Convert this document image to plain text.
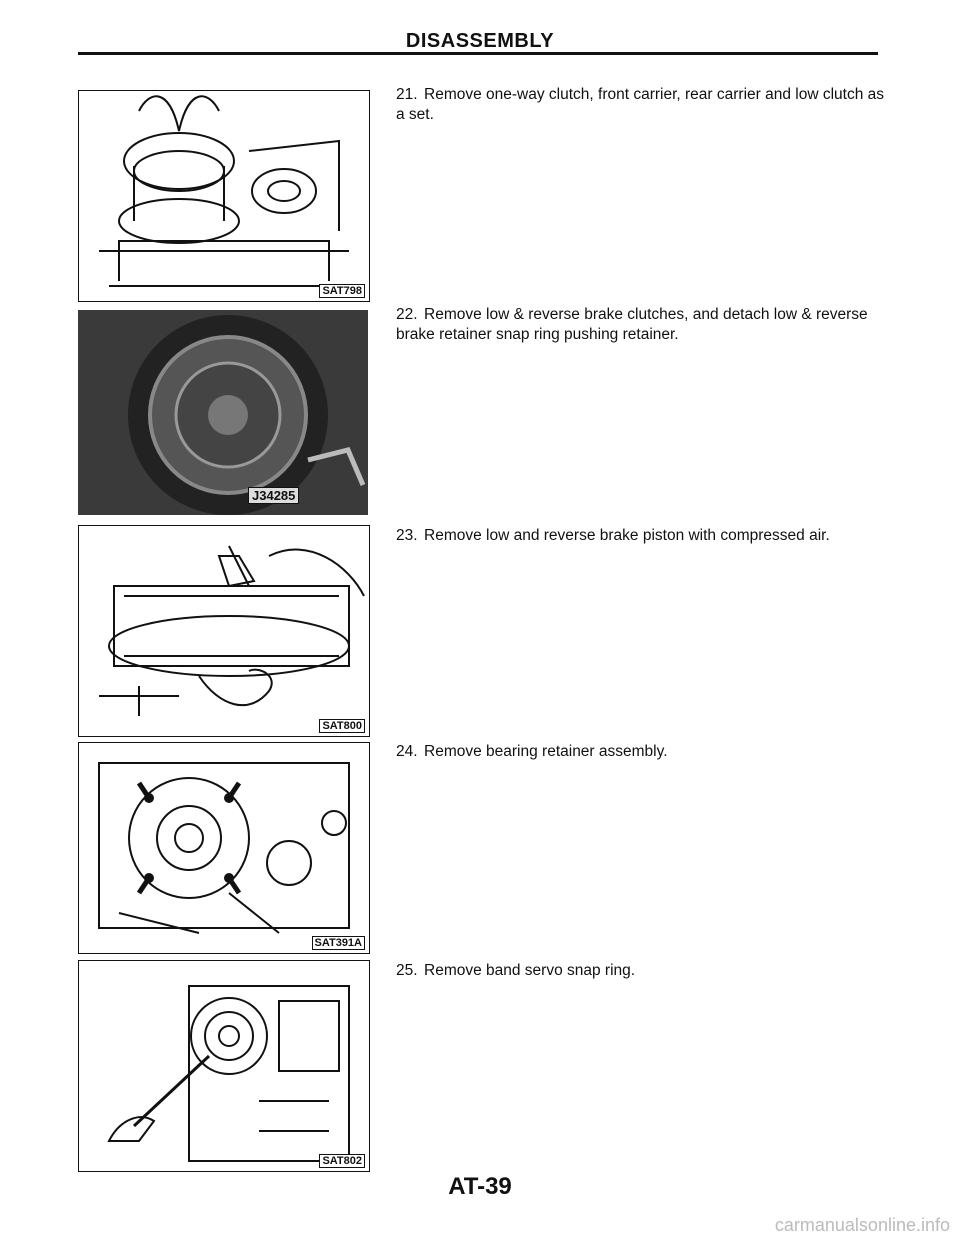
DISASSEMBLY
SAT798
J34285
SAT800
SAT391A
SAT802
21. Remove one-way clutch, front carrier, rear carrier and low clutch as a set.
22. Remove low & reverse brake clutches, and detach low & reverse brake retainer snap ring pushing retainer.
23. Remove low and reverse brake piston with compressed air.
24. Remove bearing retainer assembly.
25. Remove band servo snap ring.
AT-39
carmanualsonline.info
